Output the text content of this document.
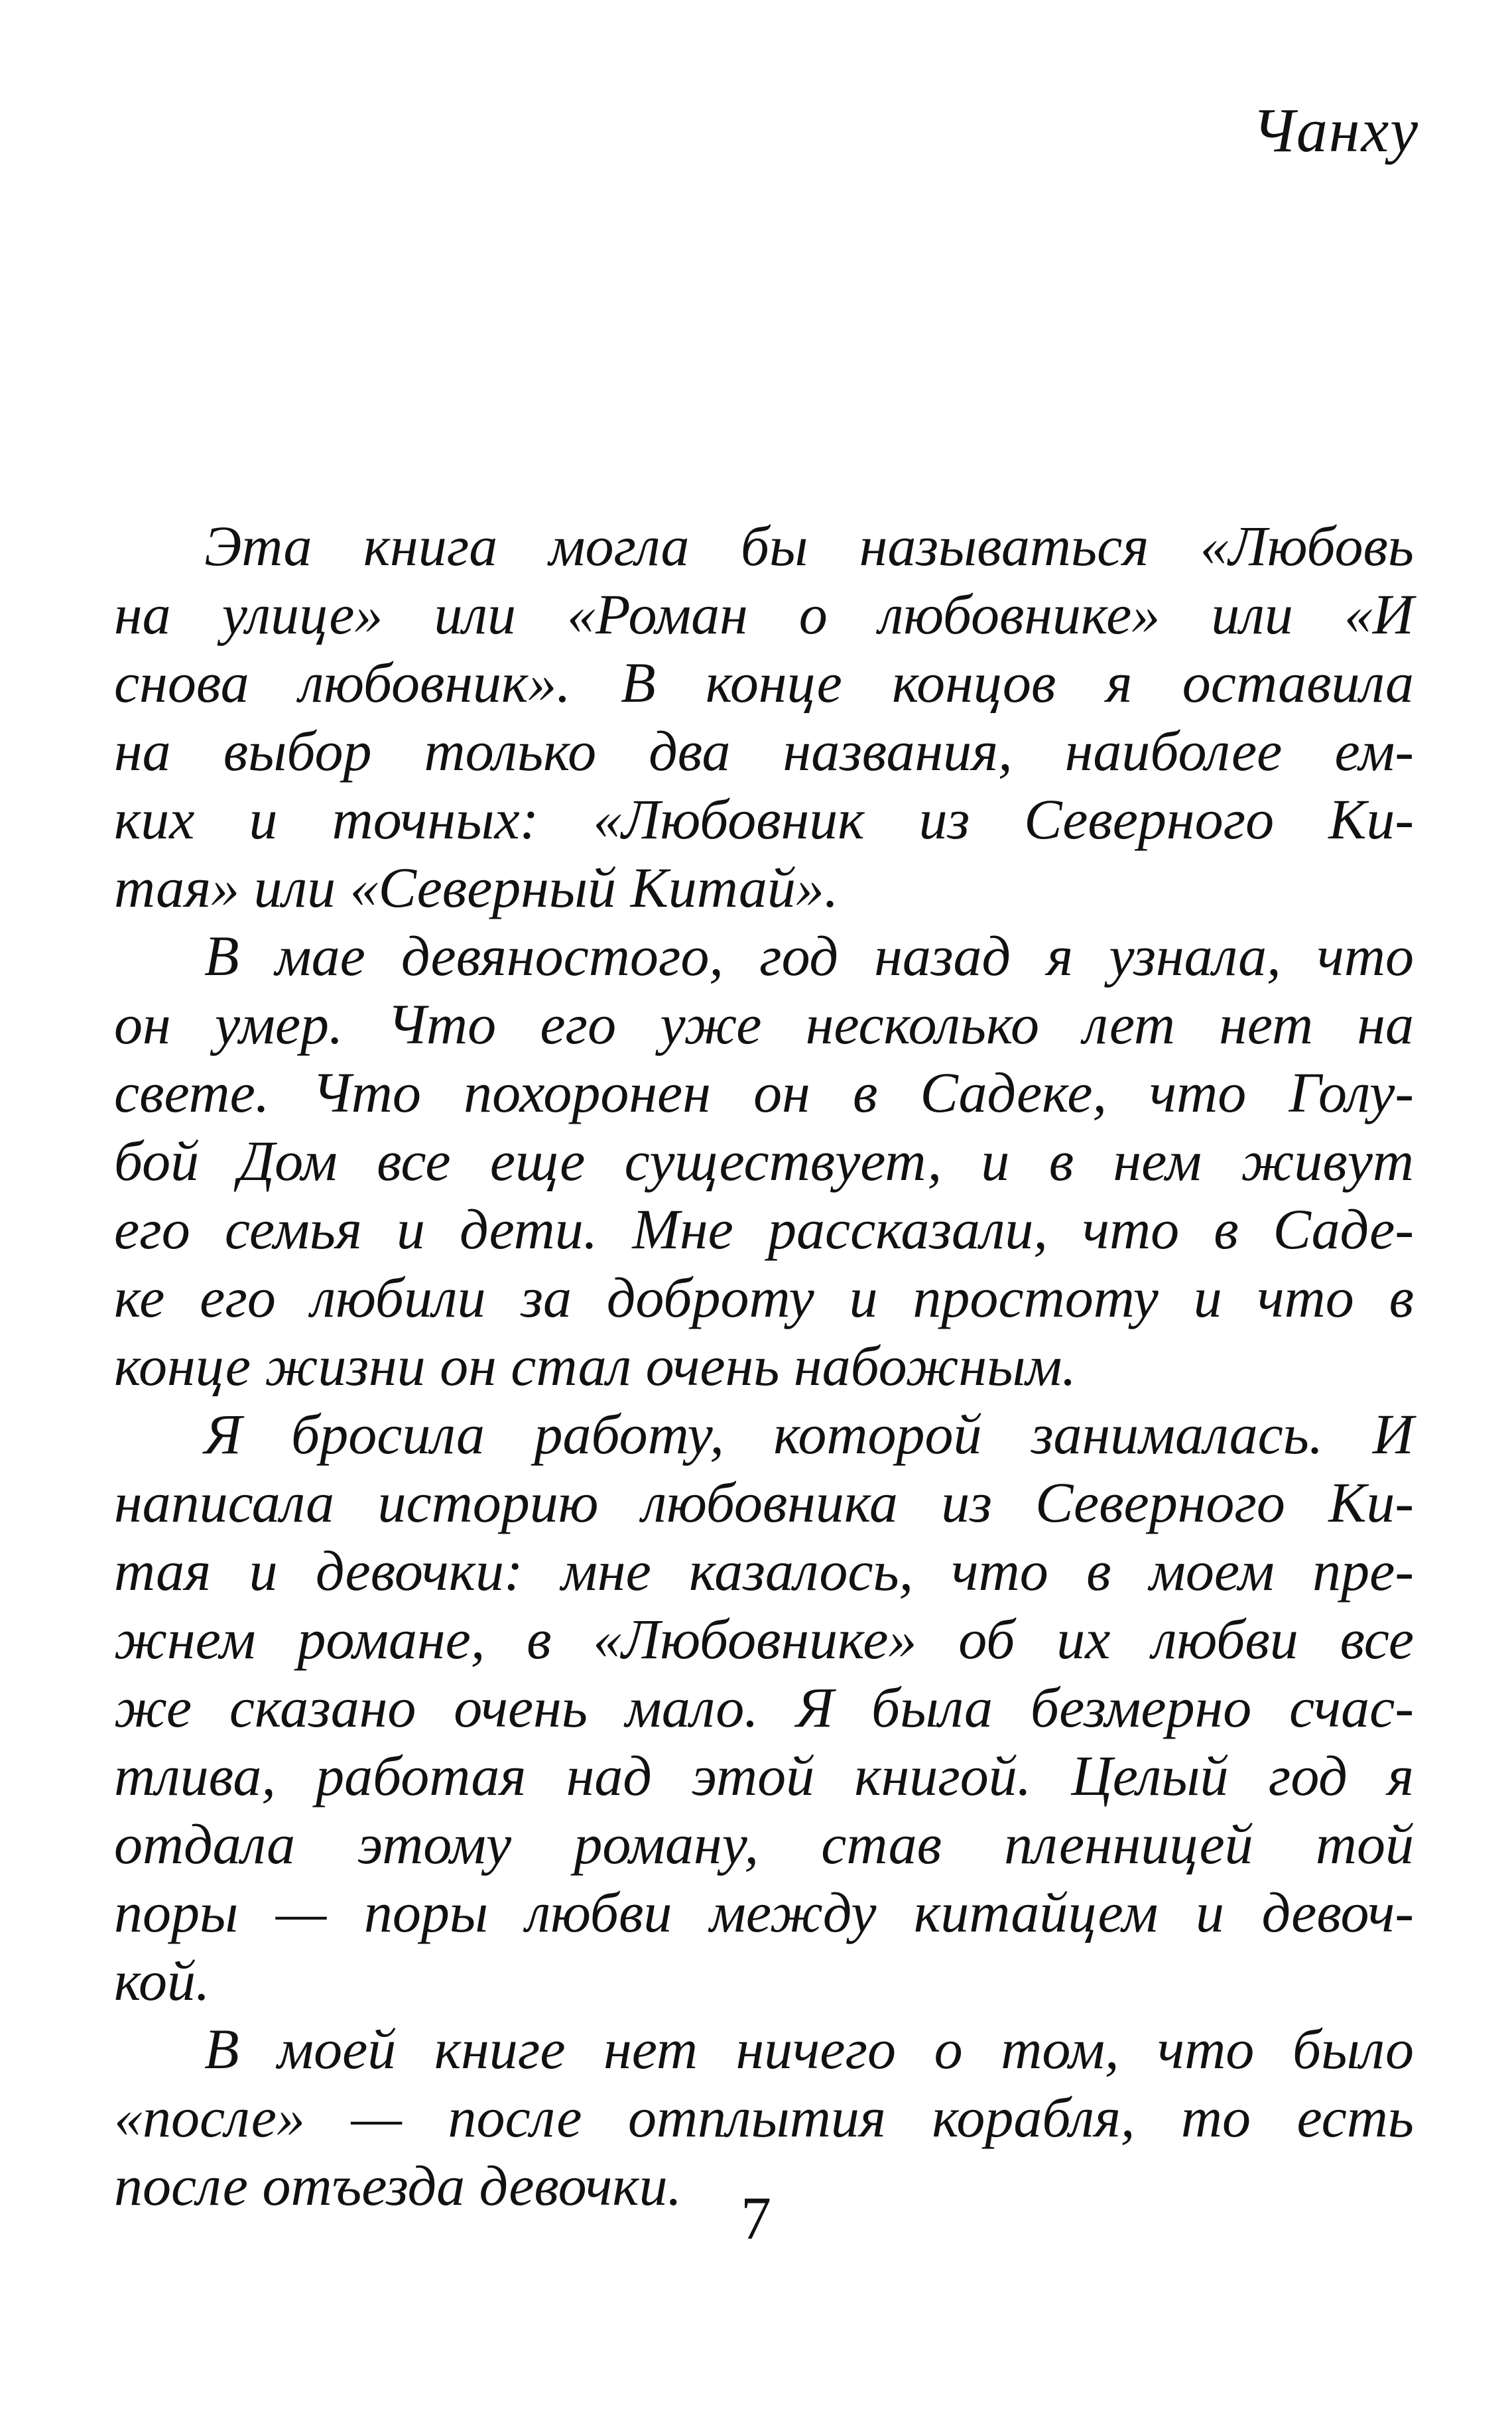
Чанху
Эта книга могла бы называться «Любовь
на улице» или «Роман о любовнике» или «И
снова любовник». В конце концов я оставила
на выбор только два названия, наиболее ем-
ких и точных: «Любовник из Северного Ки-
тая» или «Северный Китай».
В мае девяностого, год назад я узнала, что
он умер. Что его уже несколько лет нет на
свете. Что похоронен он в Садеке, что Голу-
бой Дом все еще существует, и в нем живут
его семья и дети. Мне рассказали, что в Саде-
ке его любили за доброту и простоту и что в
конце жизни он стал очень набожным.
Я бросила работу, которой занималась. И
написала историю любовника из Северного Ки-
тая и девочки: мне казалось, что в моем пре-
жнем романе, в «Любовнике» об их любви все
же сказано очень мало. Я была безмерно счас-
тлива, работая над этой книгой. Целый год я
отдала этому роману, став пленницей той
поры — поры любви между китайцем и девоч-
кой.
В моей книге нет ничего о том, что было
«после» — после отплытия корабля, то есть
после отъезда девочки. 7
